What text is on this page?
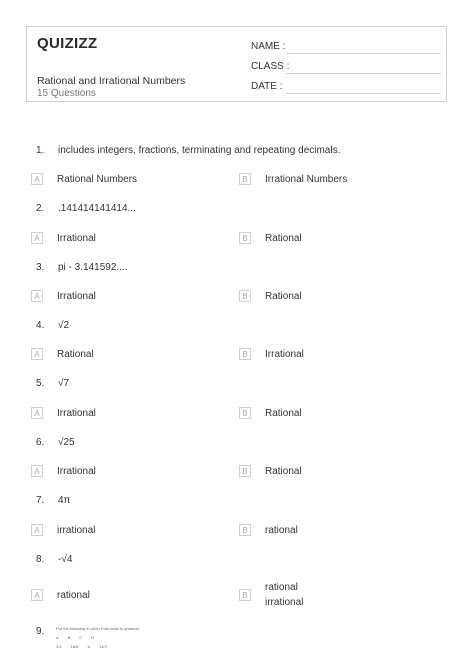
QUIZIZZ
Rational and Irrational Numbers
15 Questions
NAME :
CLASS :
DATE :
1. includes integers, fractions, terminating and repeating decimals.
A	Rational Numbers	B	Irrational Numbers
2. .141414141414...
A	Irrational	B	Rational
3. pi - 3.141592....
A	Irrational	B	Rational
4. √2
A	Rational	B	Irrational
5. √7
A	Irrational	B	Rational
6. √25
A	Irrational	B	Rational
7. 4π
A	irrational	B	rational
8. -√4
A	rational	B
rational
irrational
9.	Put the following in order from least to greatest.
A B C D
3.5 18/5 π 11/3
